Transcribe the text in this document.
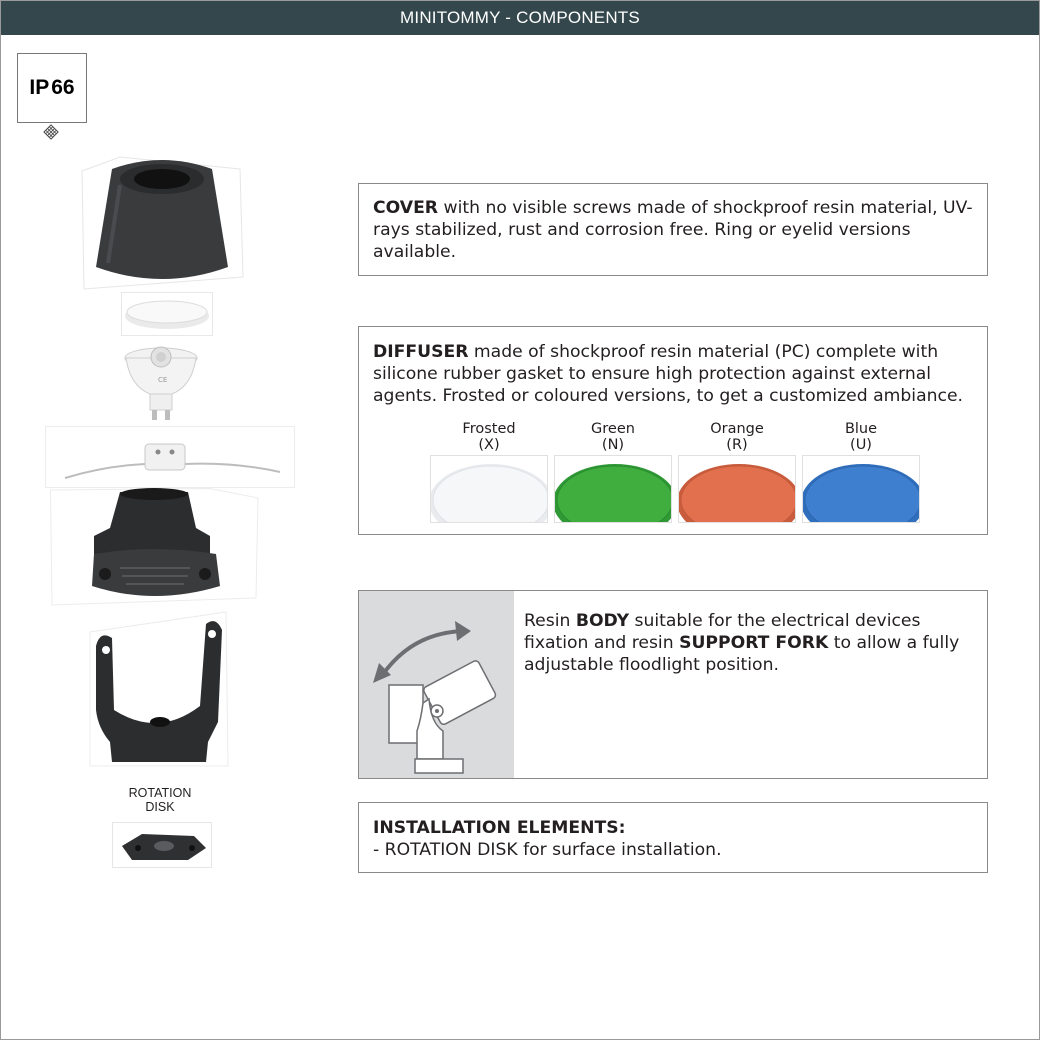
MINITOMMY - COMPONENTS
IP 66
CE
ROTATION
DISK
COVER with no visible screws made of shockproof resin material, UV-rays stabilized, rust and corrosion free. Ring or eyelid versions available.
DIFFUSER made of shockproof resin material (PC) complete with silicone rubber gasket to ensure high protection against external agents. Frosted or coloured versions, to get a customized ambiance.
Frosted
(X)
Green
(N)
Orange
(R)
Blue
(U)
Resin BODY suitable for the electrical devices fixation and resin SUPPORT FORK to allow a fully adjustable floodlight position.
INSTALLATION ELEMENTS:
- ROTATION DISK for surface installation.
